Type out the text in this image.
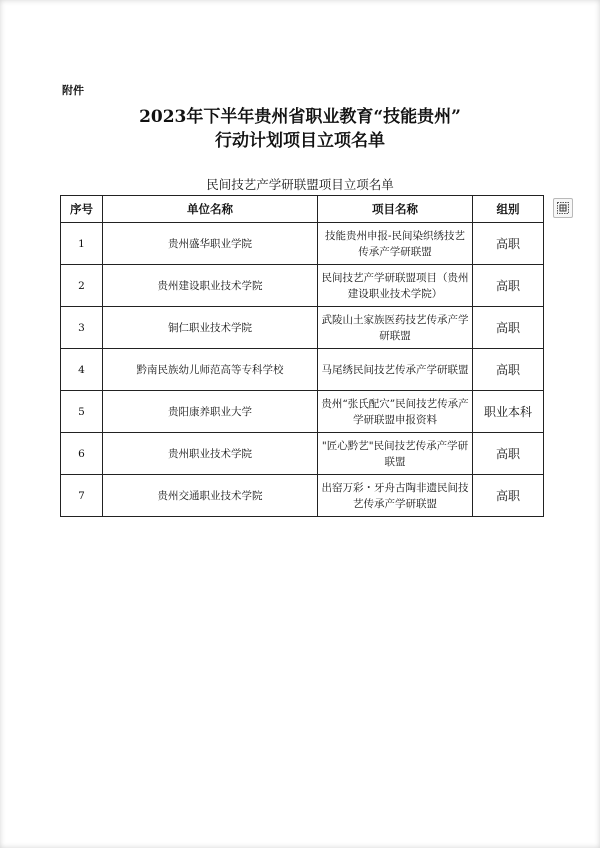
附件
2023年下半年贵州省职业教育“技能贵州”
行动计划项目立项名单
民间技艺产学研联盟项目立项名单
序号	单位名称	项目名称	组别
1	贵州盛华职业学院	技能贵州申报-民间染织绣技艺传承产学研联盟	高职
2	贵州建设职业技术学院	民间技艺产学研联盟项目（贵州建设职业技术学院）	高职
3	铜仁职业技术学院	武陵山土家族医药技艺传承产学研联盟	高职
4	黔南民族幼儿师范高等专科学校	马尾绣民间技艺传承产学研联盟	高职
5	贵阳康养职业大学	贵州“张氏配穴”民间技艺传承产学研联盟申报资料	职业本科
6	贵州职业技术学院	"匠心黔艺"民间技艺传承产学研联盟	高职
7	贵州交通职业技术学院	出窑万彩・牙舟古陶非遗民间技艺传承产学研联盟	高职
